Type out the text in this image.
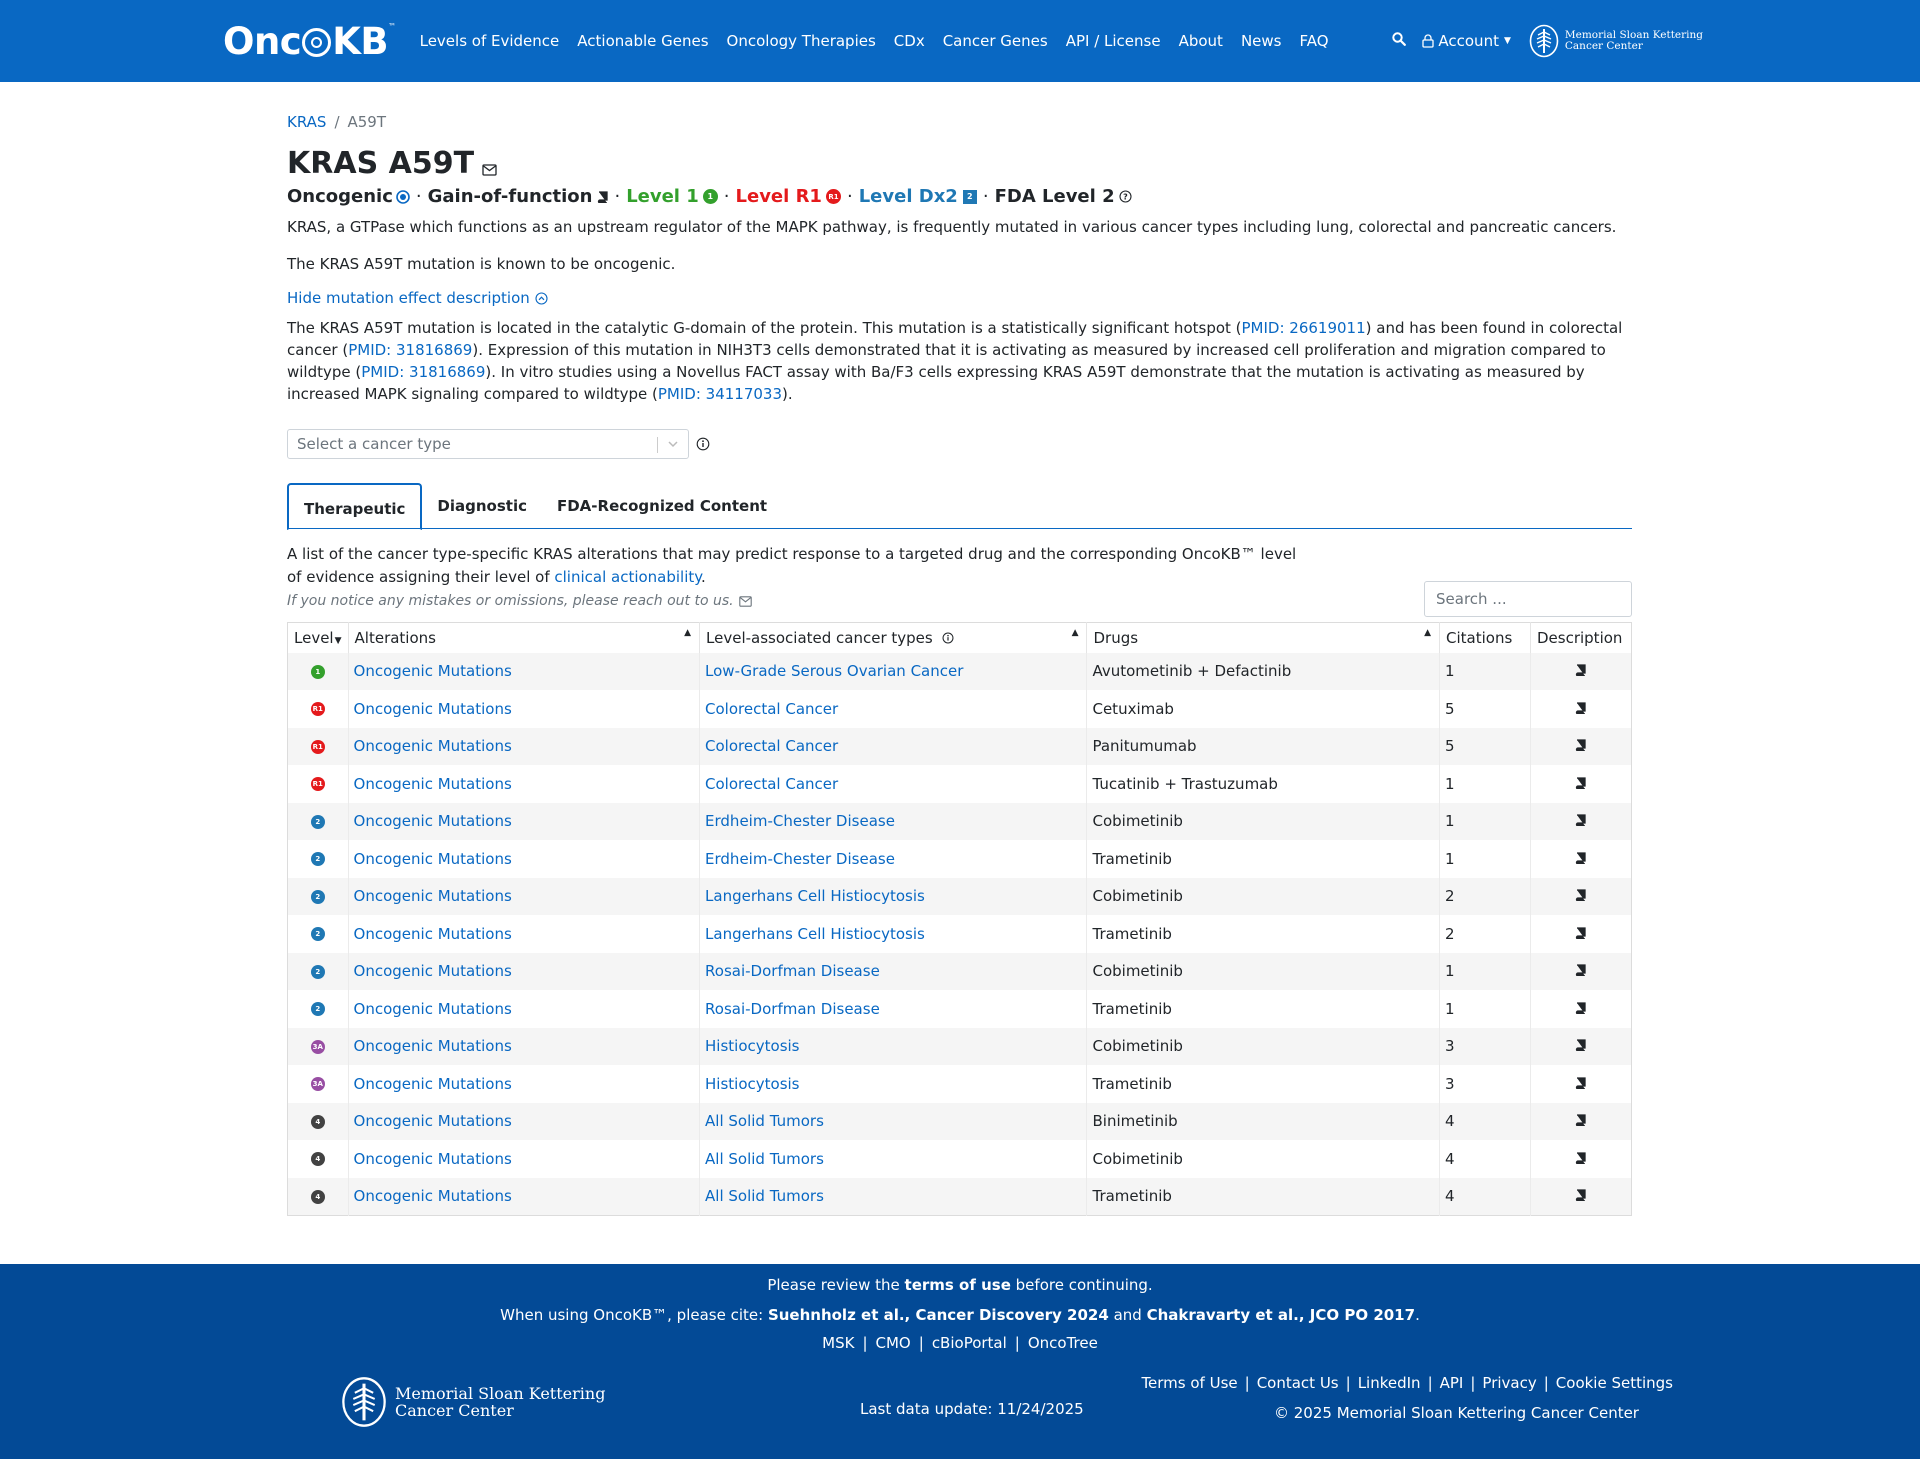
Onc KB™
Levels of Evidence Actionable Genes Oncology Therapies CDx Cancer Genes API / License About News FAQ	Account ▼	Memorial Sloan Kettering
Cancer Center
KRAS / A59T
KRAS A59T
Oncogenic · Gain-of-function · Level 1	1 · Level R1 R1 · Level Dx2	2 · FDA Level 2 ?

KRAS, a GTPase which functions as an upstream regulator of the MAPK pathway, is frequently mutated in various cancer types including lung, colorectal and pancreatic cancers.

The KRAS A59T mutation is known to be oncogenic.

Hide mutation effect description

The KRAS A59T mutation is located in the catalytic G-domain of the protein. This mutation is a statistically significant hotspot (PMID: 26619011) and has been found in colorectal cancer (PMID: 31816869). Expression of this mutation in NIH3T3 cells demonstrated that it is activating as measured by increased cell proliferation and migration compared to wildtype (PMID: 31816869). In vitro studies using a Novellus FACT assay with Ba/F3 cells expressing KRAS A59T demonstrate that the mutation is activating as measured by increased MAPK signaling compared to wildtype (PMID: 34117033).

Select a cancer type
Therapeutic	Diagnostic	FDA-Recognized Content
A list of the cancer type-specific KRAS alterations that may predict response to a targeted drug and the corresponding OncoKB™ level of evidence assigning their level of clinical actionability.
If you notice any mistakes or omissions, please reach out to us.	Search ...
Level▼	Alterations ▲	Level-associated cancer types ▲	Drugs ▲	Citations	Description
1	Oncogenic Mutations	Low-Grade Serous Ovarian Cancer	Avutometinib + Defactinib	1	

R1	Oncogenic Mutations	Colorectal Cancer	Cetuximab	5	

R1	Oncogenic Mutations	Colorectal Cancer	Panitumumab	5	

R1	Oncogenic Mutations	Colorectal Cancer	Tucatinib + Trastuzumab	1	

2	Oncogenic Mutations	Erdheim-Chester Disease	Cobimetinib	1	

2	Oncogenic Mutations	Erdheim-Chester Disease	Trametinib	1	

2	Oncogenic Mutations	Langerhans Cell Histiocytosis	Cobimetinib	2	

2	Oncogenic Mutations	Langerhans Cell Histiocytosis	Trametinib	2	

2	Oncogenic Mutations	Rosai-Dorfman Disease	Cobimetinib	1	

2	Oncogenic Mutations	Rosai-Dorfman Disease	Trametinib	1	

3A	Oncogenic Mutations	Histiocytosis	Cobimetinib	3	

3A	Oncogenic Mutations	Histiocytosis	Trametinib	3	

4	Oncogenic Mutations	All Solid Tumors	Binimetinib	4	

4	Oncogenic Mutations	All Solid Tumors	Cobimetinib	4	

4	Oncogenic Mutations	All Solid Tumors	Trametinib	4	
Please review the terms of use before continuing.
When using OncoKB™, please cite: Suehnholz et al., Cancer Discovery 2024 and Chakravarty et al., JCO PO 2017.
MSK | CMO | cBioPortal | OncoTree
Memorial Sloan Kettering
Cancer Center	Last data update: 11/24/2025
Terms of Use | Contact Us | LinkedIn | API | Privacy | Cookie Settings
© 2025 Memorial Sloan Kettering Cancer Center
